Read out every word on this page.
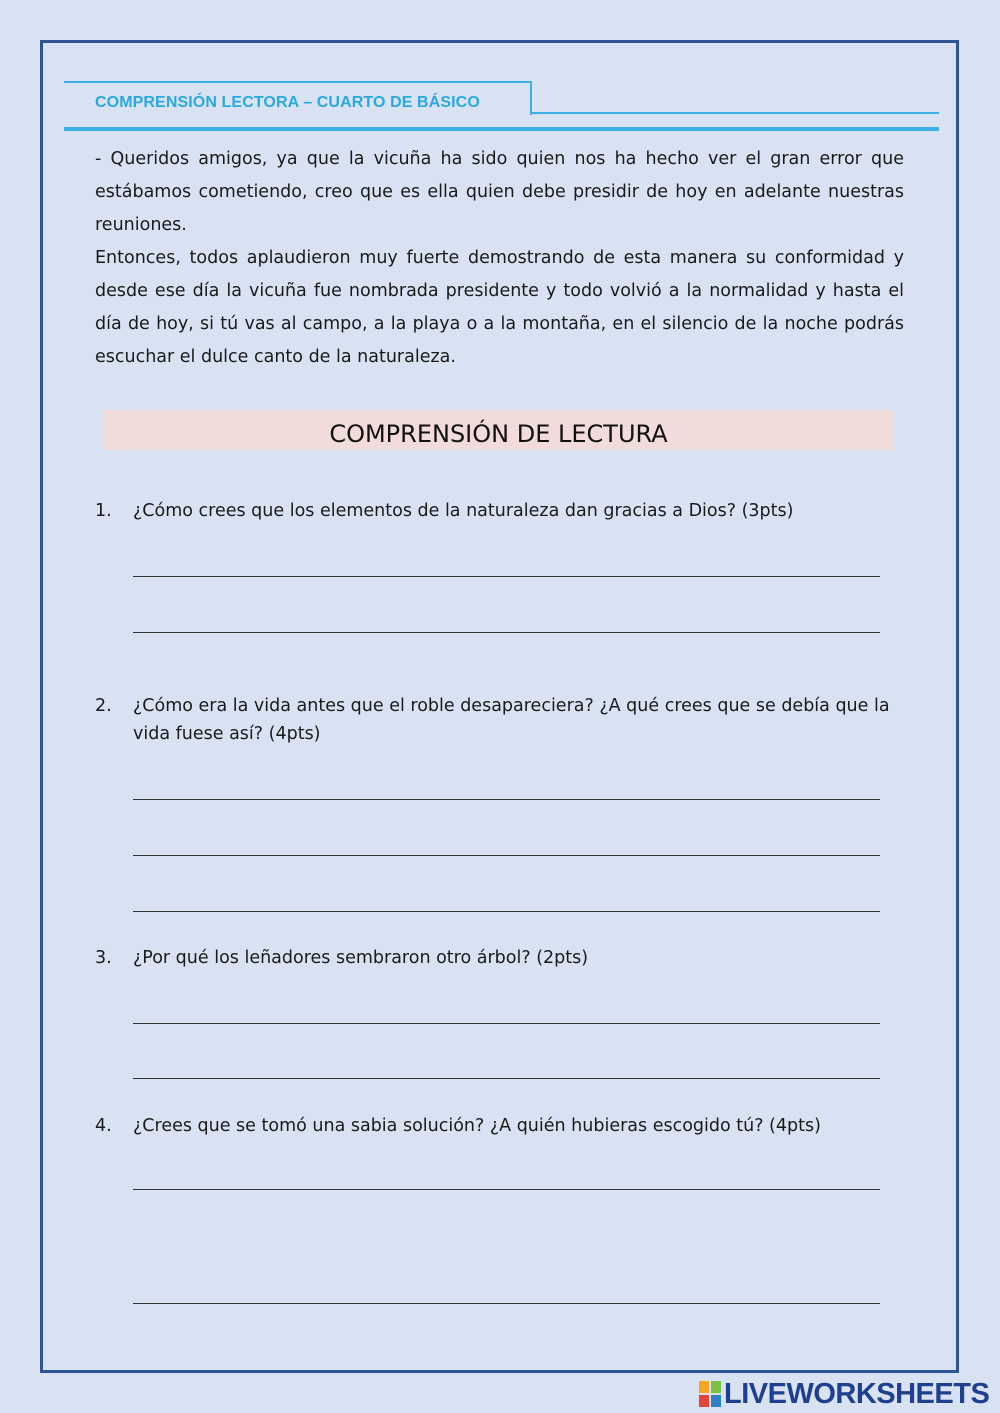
COMPRENSIÓN LECTORA – CUARTO DE BÁSICO

- Queridos amigos, ya que la vicuña ha sido quien nos ha hecho ver el gran error que estábamos cometiendo, creo que es ella quien debe presidir de hoy en adelante nuestras reuniones.

Entonces, todos aplaudieron muy fuerte demostrando de esta manera su conformidad y desde ese día la vicuña fue nombrada presidente y todo volvió a la normalidad y hasta el día de hoy, si tú vas al campo, a la playa o a la montaña, en el silencio de la noche podrás escuchar el dulce canto de la naturaleza.

COMPRENSIÓN DE LECTURA
1. ¿Cómo crees que los elementos de la naturaleza dan gracias a Dios? (3pts)
2. ¿Cómo era la vida antes que el roble desapareciera? ¿A qué crees que se debía que la vida fuese así? (4pts)
3. ¿Por qué los leñadores sembraron otro árbol? (2pts)
4. ¿Crees que se tomó una sabia solución? ¿A quién hubieras escogido tú? (4pts)
LIVEWORKSHEETS
